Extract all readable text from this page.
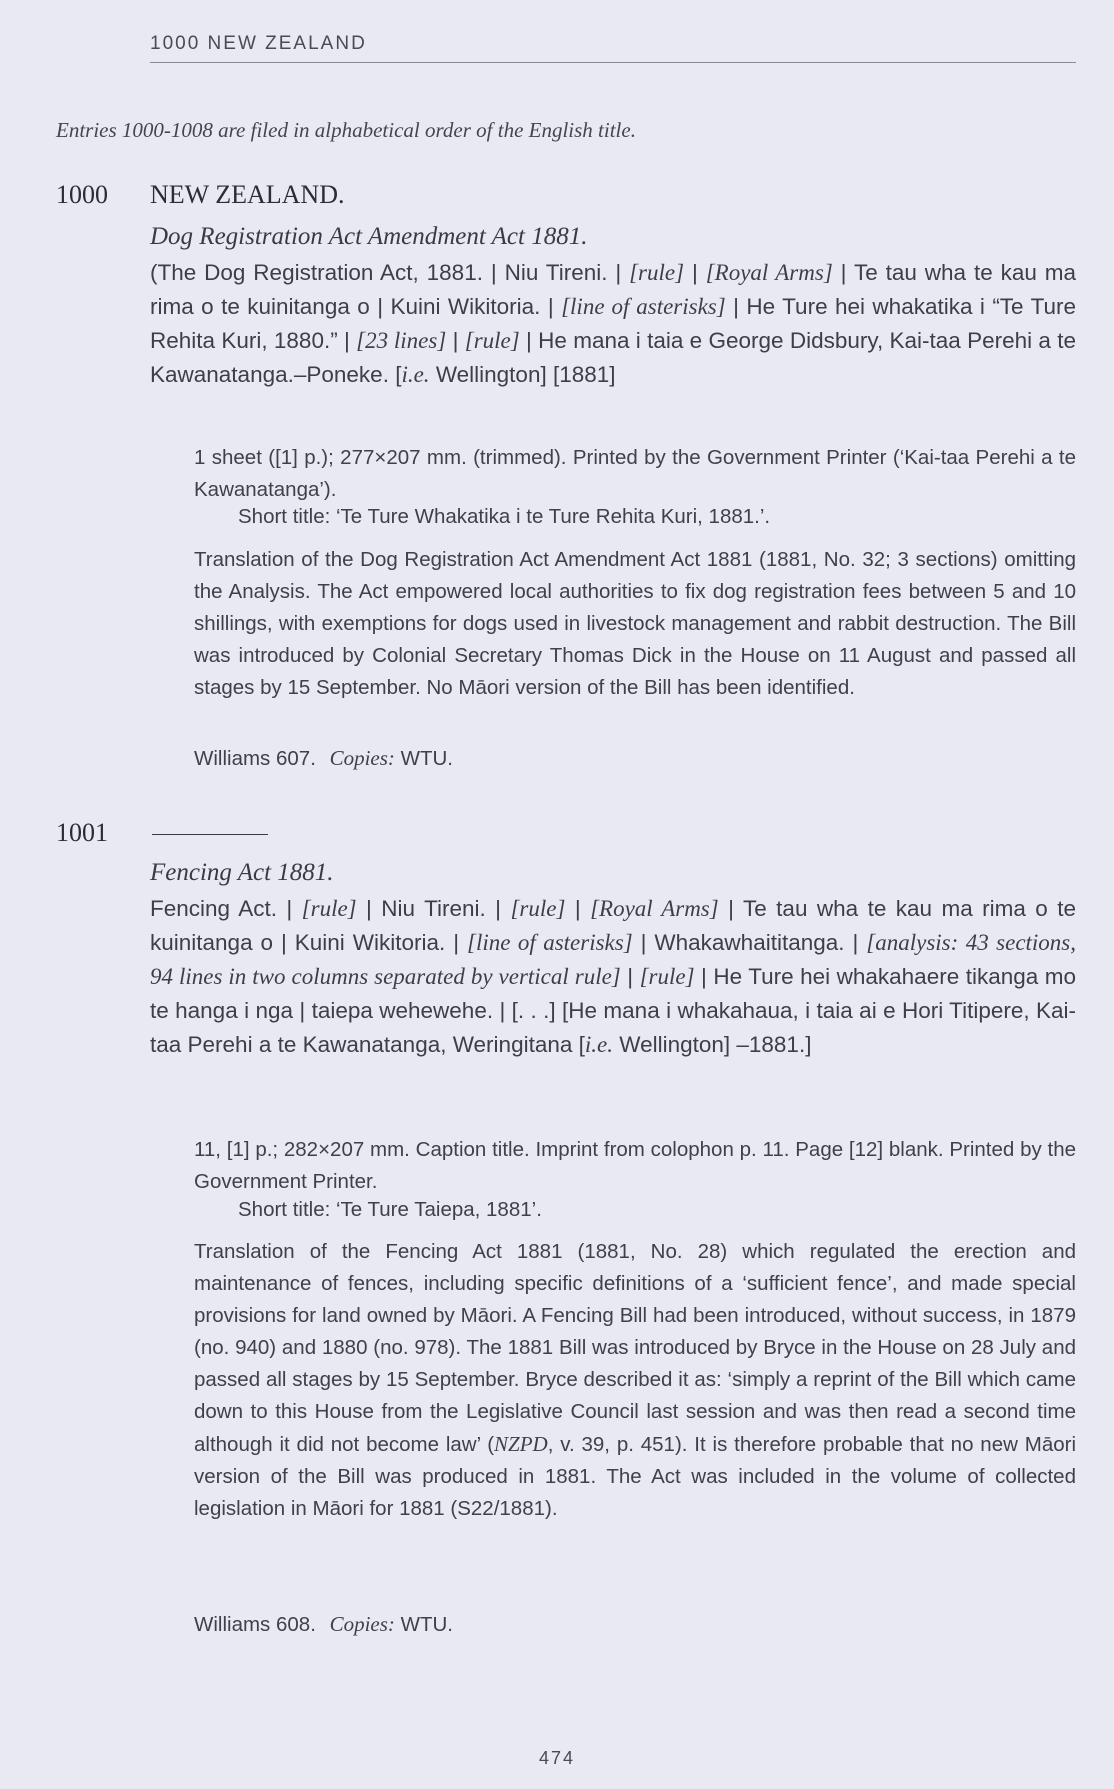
1000 NEW ZEALAND
Entries 1000-1008 are filed in alphabetical order of the English title.
1000 NEW ZEALAND.
Dog Registration Act Amendment Act 1881.
(The Dog Registration Act, 1881. | Niu Tireni. | [rule] | [Royal Arms] | Te tau wha te kau ma rima o te kuinitanga o | Kuini Wikitoria. | [line of asterisks] | He Ture hei whakatika i “Te Ture Rehita Kuri, 1880.” | [23 lines] | [rule] | He mana i taia e George Didsbury, Kai-taa Perehi a te Kawanatanga.–Poneke. [i.e. Wellington] [1881]
1 sheet ([1] p.); 277×207 mm. (trimmed). Printed by the Government Printer (‘Kai-taa Perehi a te Kawanatanga’).
Short title: ‘Te Ture Whakatika i te Ture Rehita Kuri, 1881.’.
Translation of the Dog Registration Act Amendment Act 1881 (1881, No. 32; 3 sections) omitting the Analysis. The Act empowered local authorities to fix dog registration fees between 5 and 10 shillings, with exemptions for dogs used in livestock management and rabbit destruction. The Bill was introduced by Colonial Secretary Thomas Dick in the House on 11 August and passed all stages by 15 September. No Māori version of the Bill has been identified.
Williams 607. Copies: WTU.
1001
Fencing Act 1881.
Fencing Act. | [rule] | Niu Tireni. | [rule] | [Royal Arms] | Te tau wha te kau ma rima o te kuinitanga o | Kuini Wikitoria. | [line of asterisks] | Whakawhaititanga. | [analysis: 43 sections, 94 lines in two columns separated by vertical rule] | [rule] | He Ture hei whakahaere tikanga mo te hanga i nga | taiepa wehewehe. | [. . .] [He mana i whakahaua, i taia ai e Hori Titipere, Kai-taa Perehi a te Kawanatanga, Weringitana [i.e. Wellington] –1881.]
11, [1] p.; 282×207 mm. Caption title. Imprint from colophon p. 11. Page [12] blank. Printed by the Government Printer.
Short title: ‘Te Ture Taiepa, 1881’.
Translation of the Fencing Act 1881 (1881, No. 28) which regulated the erection and maintenance of fences, including specific definitions of a ‘sufficient fence’, and made special provisions for land owned by Māori. A Fencing Bill had been introduced, without success, in 1879 (no. 940) and 1880 (no. 978). The 1881 Bill was introduced by Bryce in the House on 28 July and passed all stages by 15 September. Bryce described it as: ‘simply a reprint of the Bill which came down to this House from the Legislative Council last session and was then read a second time although it did not become law’ (NZPD, v. 39, p. 451). It is therefore probable that no new Māori version of the Bill was produced in 1881. The Act was included in the volume of collected legislation in Māori for 1881 (S22/1881).
Williams 608. Copies: WTU.
474
